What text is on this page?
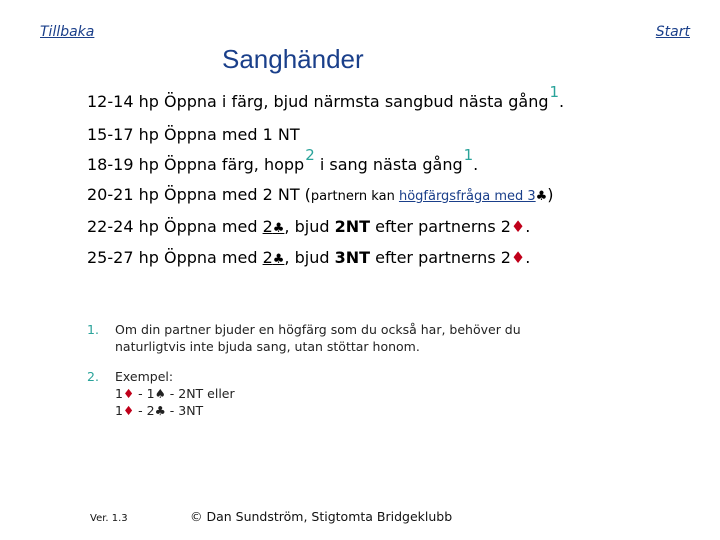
Tillbaka	Start
Sanghänder
12-14 hp Öppna i färg, bjud närmsta sangbud nästa gång1.
15-17 hp Öppna med 1 NT
18-19 hp Öppna färg, hopp2 i sang nästa gång1.
20-21 hp Öppna med 2 NT (partnern kan högfärgsfråga med 3♣)
22-24 hp Öppna med 2♣, bjud 2NT efter partnerns 2♦.
25-27 hp Öppna med 2♣, bjud 3NT efter partnerns 2♦.
1. Om din partner bjuder en högfärg som du också har, behöver du
naturligtvis inte bjuda sang, utan stöttar honom.
2. Exempel:
1♦ - 1♠ - 2NT eller
1♦ - 2♣ - 3NT
Ver. 1.3	© Dan Sundström, Stigtomta Bridgeklubb
